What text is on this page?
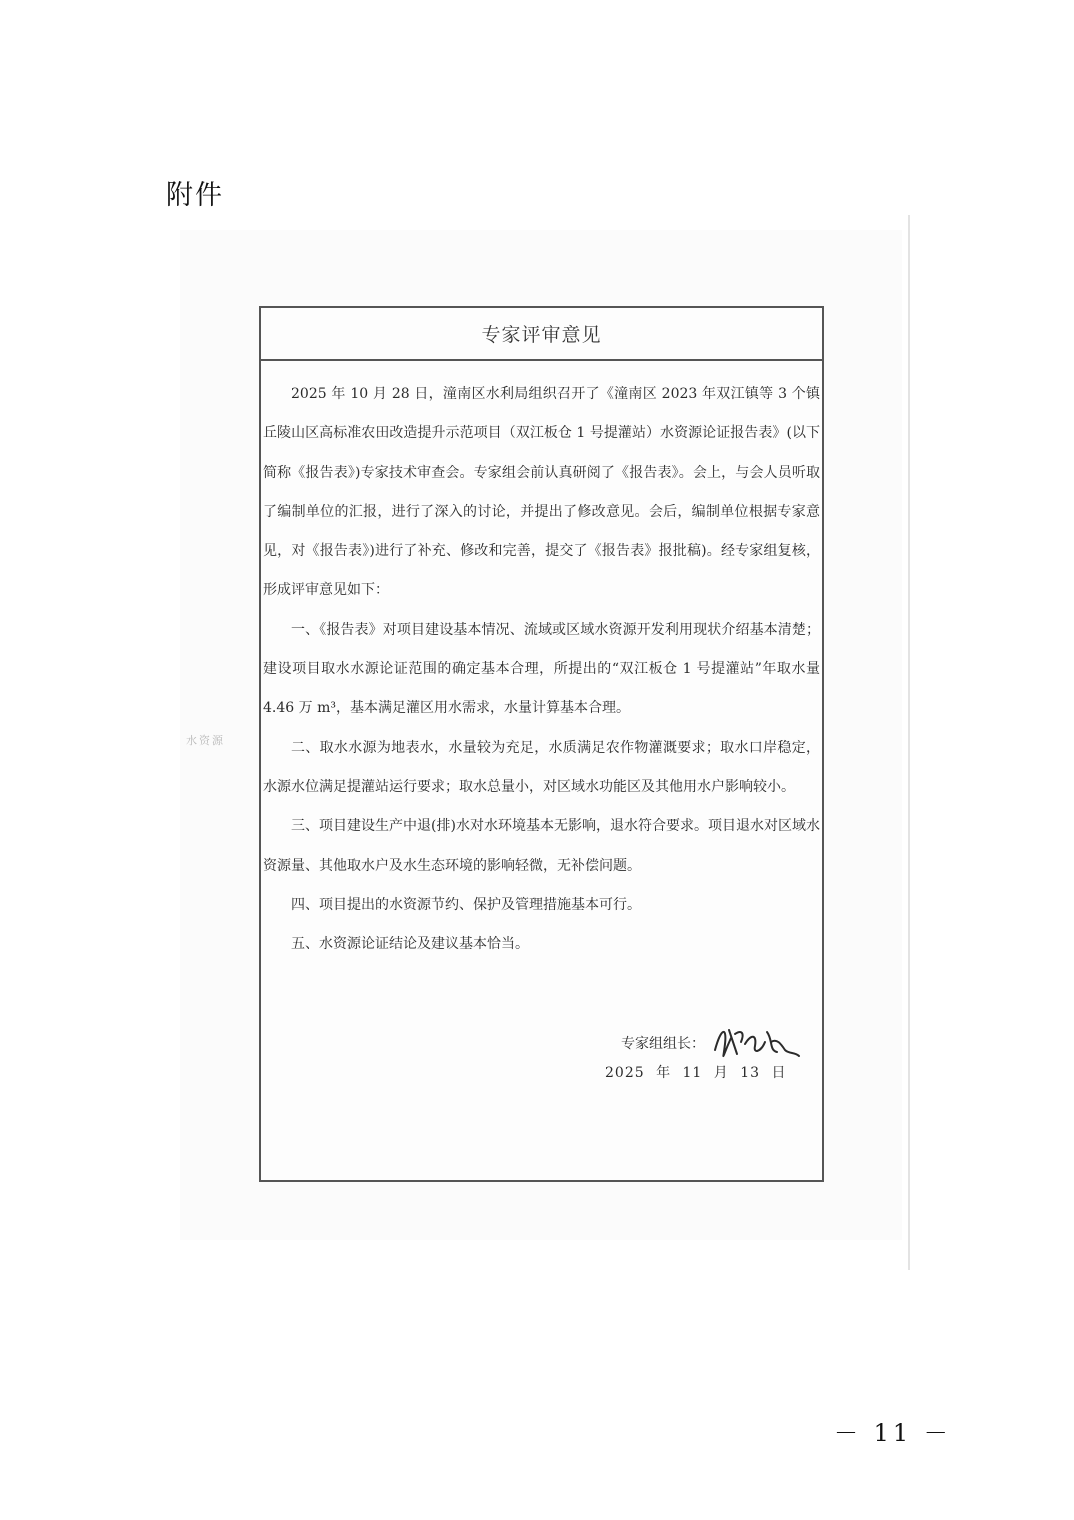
附件
水资源
专家评审意见

2025 年 10 月 28 日，潼南区水利局组织召开了《潼南区 2023 年双江镇等 3 个镇丘陵山区高标准农田改造提升示范项目（双江板仓 1 号提灌站）水资源论证报告表》(以下简称《报告表》)专家技术审查会。专家组会前认真研阅了《报告表》。会上，与会人员听取了编制单位的汇报，进行了深入的讨论，并提出了修改意见。会后，编制单位根据专家意见，对《报告表》)进行了补充、修改和完善，提交了《报告表》报批稿)。经专家组复核，形成评审意见如下：

一、《报告表》对项目建设基本情况、流域或区域水资源开发利用现状介绍基本清楚；建设项目取水水源论证范围的确定基本合理，所提出的“双江板仓 1 号提灌站”年取水量 4.46 万 m³，基本满足灌区用水需求，水量计算基本合理。

二、取水水源为地表水，水量较为充足，水质满足农作物灌溉要求；取水口岸稳定，水源水位满足提灌站运行要求；取水总量小，对区域水功能区及其他用水户影响较小。

三、项目建设生产中退(排)水对水环境基本无影响，退水符合要求。项目退水对区域水资源量、其他取水户及水生态环境的影响轻微，无补偿问题。

四、项目提出的水资源节约、保护及管理措施基本可行。

五、水资源论证结论及建议基本恰当。

专家组组长：
2025 年 11 月 13 日
－ 11 －
